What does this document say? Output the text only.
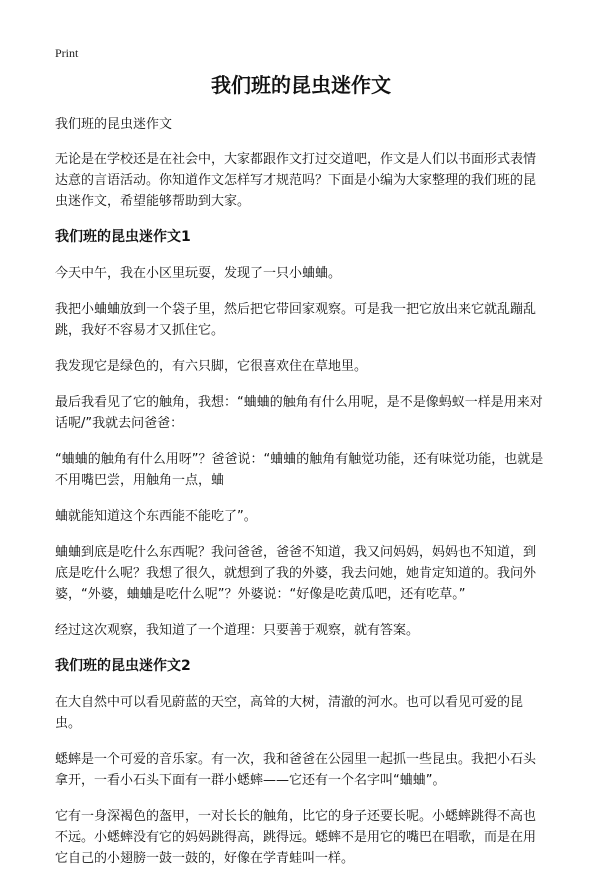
Print
我们班的昆虫迷作文

我们班的昆虫迷作文

无论是在学校还是在社会中，大家都跟作文打过交道吧，作文是人们以书面形式表情达意的言语活动。你知道作文怎样写才规范吗？下面是小编为大家整理的我们班的昆虫迷作文，希望能够帮助到大家。

我们班的昆虫迷作文1

今天中午，我在小区里玩耍，发现了一只小蛐蛐。

我把小蛐蛐放到一个袋子里，然后把它带回家观察。可是我一把它放出来它就乱蹦乱跳，我好不容易才又抓住它。

我发现它是绿色的，有六只脚，它很喜欢住在草地里。

最后我看见了它的触角，我想：“蛐蛐的触角有什么用呢，是不是像蚂蚁一样是用来对话呢/”我就去问爸爸：

“蛐蛐的触角有什么用呀”？爸爸说：“蛐蛐的触角有触觉功能，还有味觉功能，也就是不用嘴巴尝，用触角一点，蛐

蛐就能知道这个东西能不能吃了”。

蛐蛐到底是吃什么东西呢？我问爸爸，爸爸不知道，我又问妈妈，妈妈也不知道，到底是吃什么呢？我想了很久，就想到了我的外婆，我去问她，她肯定知道的。我问外婆，“外婆，蛐蛐是吃什么呢”？外婆说：“好像是吃黄瓜吧，还有吃草。”

经过这次观察，我知道了一个道理：只要善于观察，就有答案。

我们班的昆虫迷作文2

在大自然中可以看见蔚蓝的天空，高耸的大树，清澈的河水。也可以看见可爱的昆虫。

蟋蟀是一个可爱的音乐家。有一次，我和爸爸在公园里一起抓一些昆虫。我把小石头拿开，一看小石头下面有一群小蟋蟀——它还有一个名字叫“蛐蛐”。

它有一身深褐色的盔甲，一对长长的触角，比它的身子还要长呢。小蟋蟀跳得不高也不远。小蟋蟀没有它的妈妈跳得高，跳得远。蟋蟀不是用它的嘴巴在唱歌，而是在用它自己的小翅膀一鼓一鼓的，好像在学青蛙叫一样。
